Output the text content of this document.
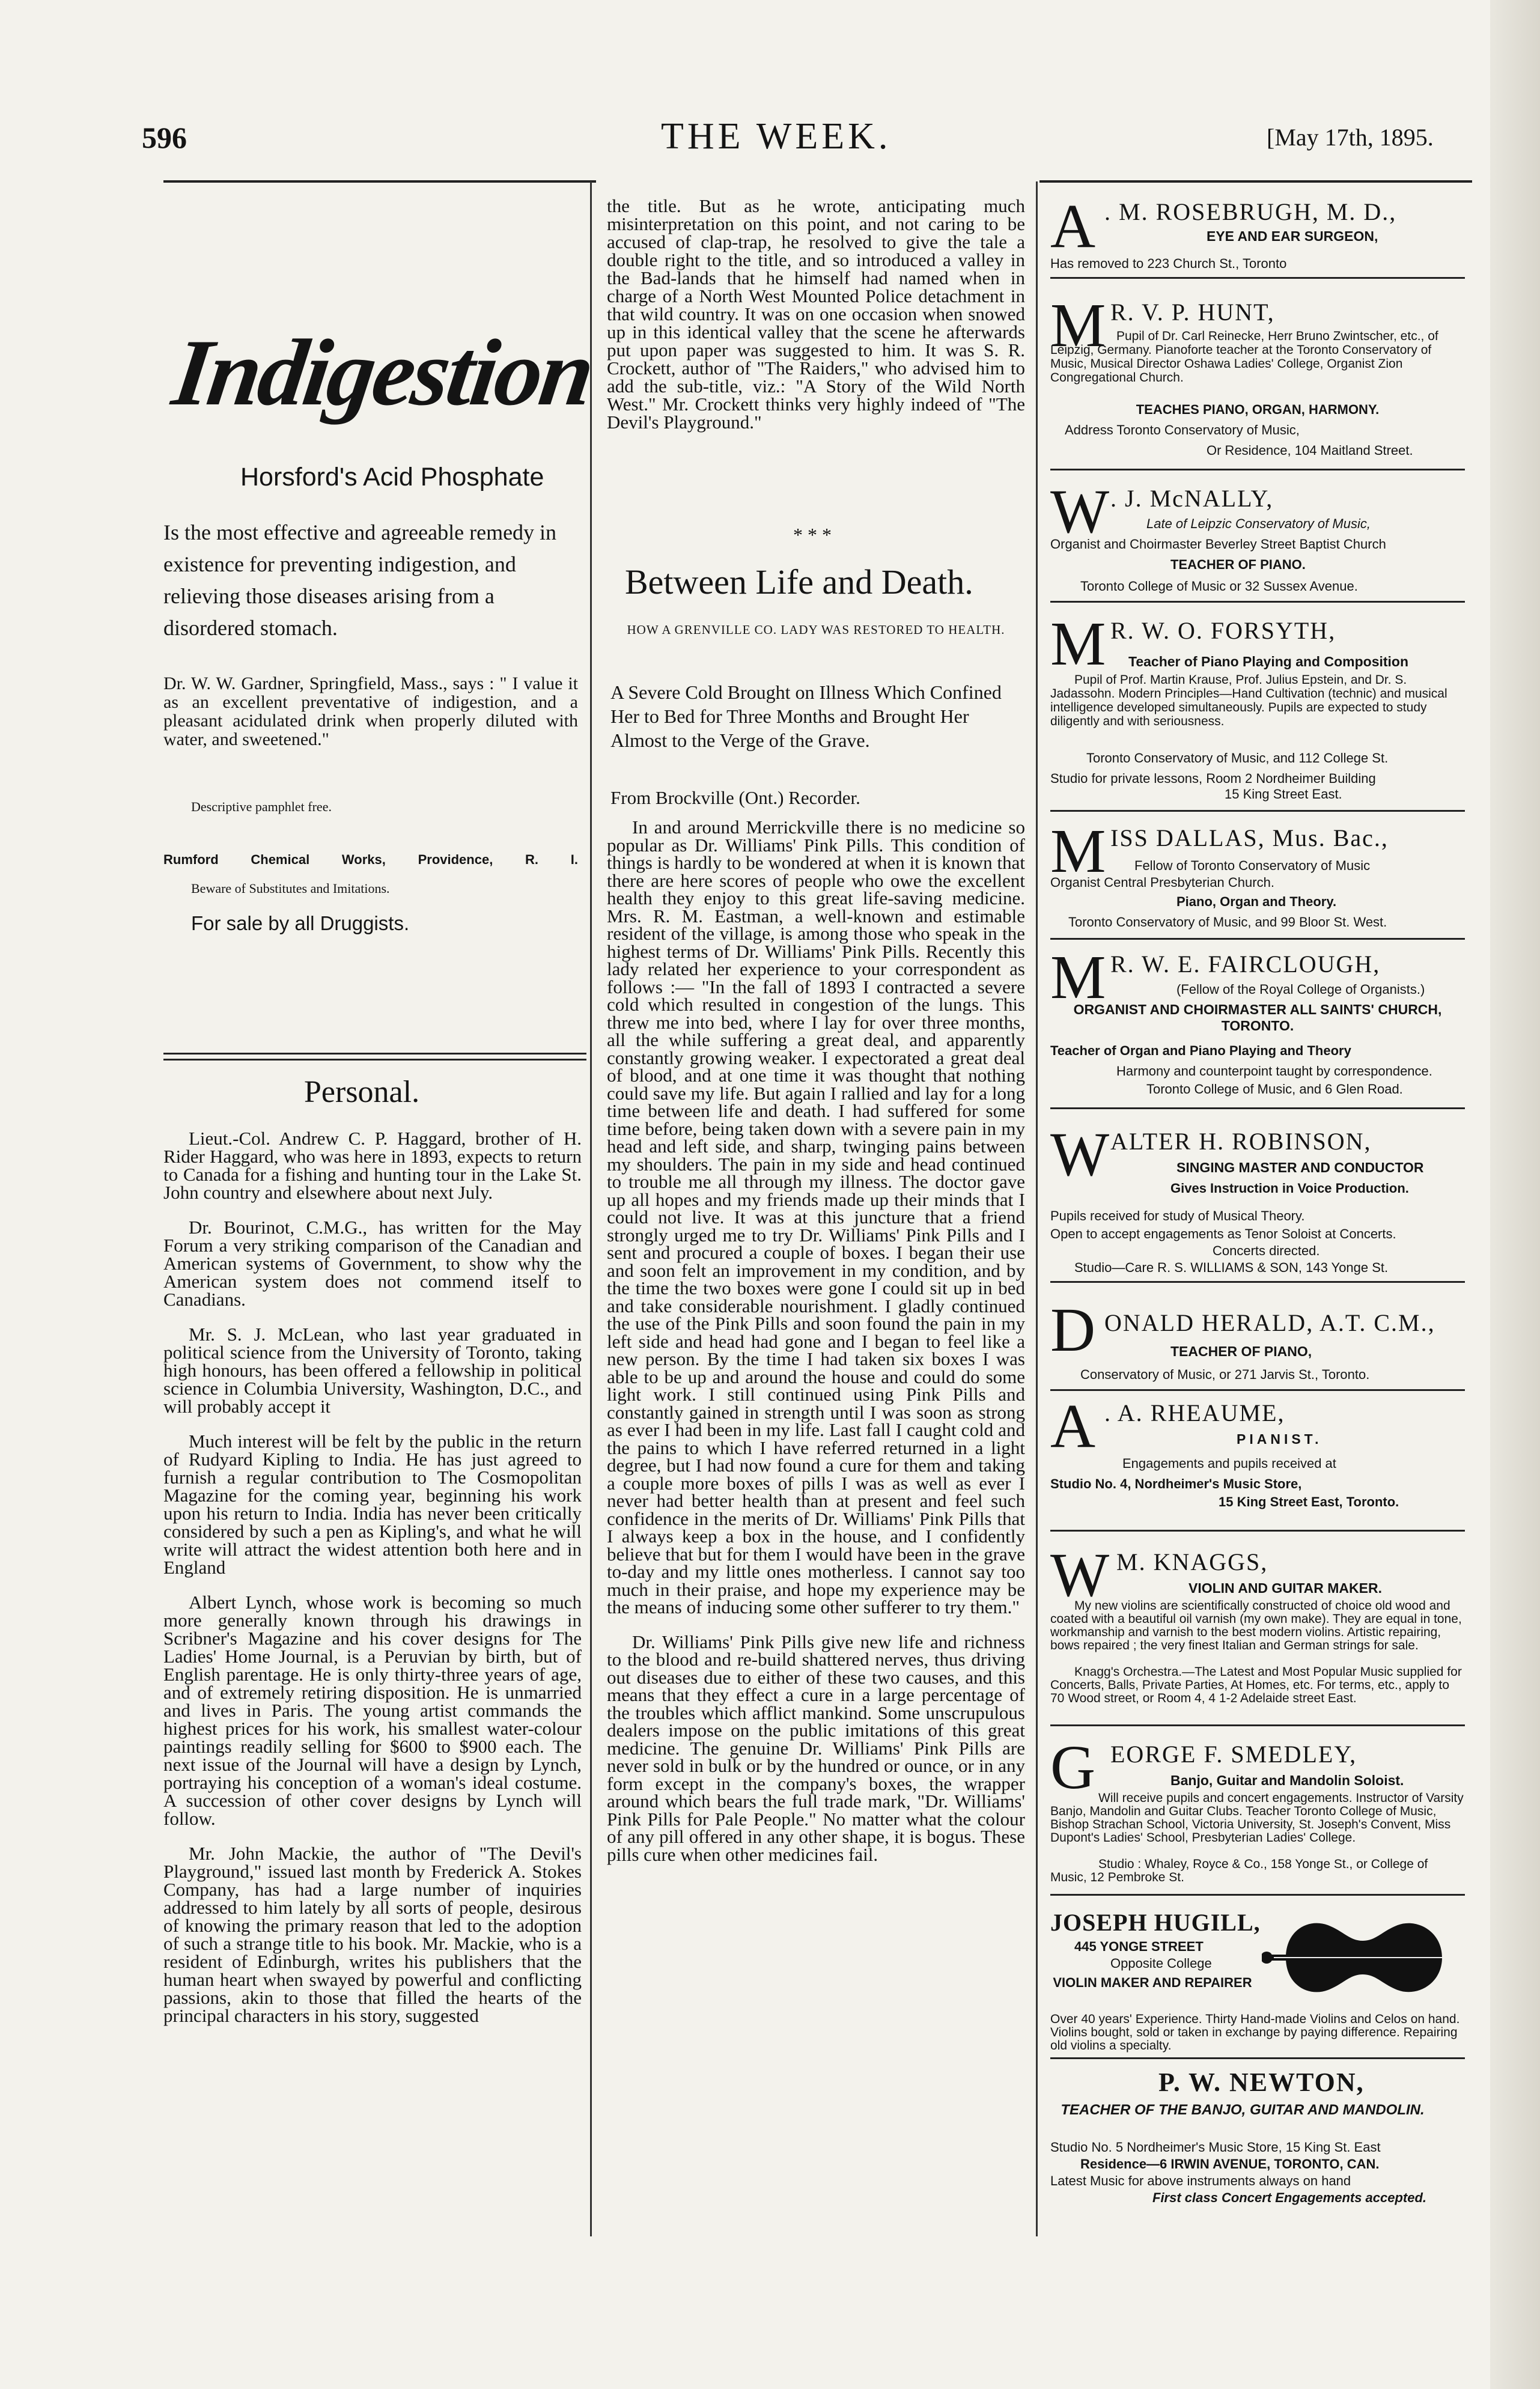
596	THE WEEK.	[May 17th, 1895.
Indigestion
Horsford's Acid Phosphate
Is the most effective and agreeable remedy in existence for preventing indigestion, and relieving those diseases arising from a disordered stomach.
Dr. W. W. Gardner, Springfield, Mass., says : " I value it as an excellent preventative of indigestion, and a pleasant acidulated drink when properly diluted with water, and sweetened."
Descriptive pamphlet free.
Rumford Chemical Works, Providence, R. I.
Beware of Substitutes and Imitations.
For sale by all Druggists.
Personal.

Lieut.-Col. Andrew C. P. Haggard, brother of H. Rider Haggard, who was here in 1893, expects to return to Canada for a fishing and hunting tour in the Lake St. John country and elsewhere about next July.

Dr. Bourinot, C.M.G., has written for the May Forum a very striking comparison of the Canadian and American systems of Government, to show why the American system does not commend itself to Canadians.

Mr. S. J. McLean, who last year graduated in political science from the University of Toronto, taking high honours, has been offered a fellowship in political science in Columbia University, Washington, D.C., and will probably accept it

Much interest will be felt by the public in the return of Rudyard Kipling to India. He has just agreed to furnish a regular contribution to The Cosmopolitan Magazine for the coming year, beginning his work upon his return to India. India has never been critically considered by such a pen as Kipling's, and what he will write will attract the widest attention both here and in England

Albert Lynch, whose work is becoming so much more generally known through his drawings in Scribner's Magazine and his cover designs for The Ladies' Home Journal, is a Peruvian by birth, but of English parentage. He is only thirty-three years of age, and of extremely retiring disposition. He is unmarried and lives in Paris. The young artist commands the highest prices for his work, his smallest water-colour paintings readily selling for $600 to $900 each. The next issue of the Journal will have a design by Lynch, portraying his conception of a woman's ideal costume. A succession of other cover designs by Lynch will follow.

Mr. John Mackie, the author of "The Devil's Playground," issued last month by Frederick A. Stokes Company, has had a large number of inquiries addressed to him lately by all sorts of people, desirous of knowing the primary reason that led to the adoption of such a strange title to his book. Mr. Mackie, who is a resident of Edinburgh, writes his publishers that the human heart when swayed by powerful and conflicting passions, akin to those that filled the hearts of the principal characters in his story, suggested

the title. But as he wrote, anticipating much misinterpretation on this point, and not caring to be accused of clap-trap, he resolved to give the tale a double right to the title, and so introduced a valley in the Bad-lands that he himself had named when in charge of a North West Mounted Police detachment in that wild country. It was on one occasion when snowed up in this identical valley that the scene he afterwards put upon paper was suggested to him. It was S. R. Crockett, author of "The Raiders," who advised him to add the sub-title, viz.: "A Story of the Wild North West." Mr. Crockett thinks very highly indeed of "The Devil's Playground."

* * *
Between Life and Death.
HOW A GRENVILLE CO. LADY WAS RESTORED TO HEALTH.
A Severe Cold Brought on Illness Which Confined Her to Bed for Three Months and Brought Her Almost to the Verge of the Grave.
From Brockville (Ont.) Recorder.

In and around Merrickville there is no medicine so popular as Dr. Williams' Pink Pills. This condition of things is hardly to be wondered at when it is known that there are here scores of people who owe the excellent health they enjoy to this great life-saving medicine. Mrs. R. M. Eastman, a well-known and estimable resident of the village, is among those who speak in the highest terms of Dr. Williams' Pink Pills. Recently this lady related her experience to your correspondent as follows :— "In the fall of 1893 I contracted a severe cold which resulted in congestion of the lungs. This threw me into bed, where I lay for over three months, all the while suffering a great deal, and apparently constantly growing weaker. I expectorated a great deal of blood, and at one time it was thought that nothing could save my life. But again I rallied and lay for a long time between life and death. I had suffered for some time before, being taken down with a severe pain in my head and left side, and sharp, twinging pains between my shoulders. The pain in my side and head continued to trouble me all through my illness. The doctor gave up all hopes and my friends made up their minds that I could not live. It was at this juncture that a friend strongly urged me to try Dr. Williams' Pink Pills and I sent and procured a couple of boxes. I began their use and soon felt an improvement in my condition, and by the time the two boxes were gone I could sit up in bed and take considerable nourishment. I gladly continued the use of the Pink Pills and soon found the pain in my left side and head had gone and I began to feel like a new person. By the time I had taken six boxes I was able to be up and around the house and could do some light work. I still continued using Pink Pills and constantly gained in strength until I was soon as strong as ever I had been in my life. Last fall I caught cold and the pains to which I have referred returned in a light degree, but I had now found a cure for them and taking a couple more boxes of pills I was as well as ever I never had better health than at present and feel such confidence in the merits of Dr. Williams' Pink Pills that I always keep a box in the house, and I confidently believe that but for them I would have been in the grave to-day and my little ones motherless. I cannot say too much in their praise, and hope my experience may be the means of inducing some other sufferer to try them."

Dr. Williams' Pink Pills give new life and richness to the blood and re-build shattered nerves, thus driving out diseases due to either of these two causes, and this means that they effect a cure in a large percentage of the troubles which afflict mankind. Some unscrupulous dealers impose on the public imitations of this great medicine. The genuine Dr. Williams' Pink Pills are never sold in bulk or by the hundred or ounce, or in any form except in the company's boxes, the wrapper around which bears the full trade mark, "Dr. Williams' Pink Pills for Pale People." No matter what the colour of any pill offered in any other shape, it is bogus. These pills cure when other medicines fail.

A . M. ROSEBRUGH, M. D.,
EYE AND EAR SURGEON,
Has removed to 223 Church St., Toronto
M R. V. P. HUNT,
Pupil of Dr. Carl Reinecke, Herr Bruno Zwintscher, etc., of Leipzig, Germany. Pianoforte teacher at the Toronto Conservatory of Music, Musical Director Oshawa Ladies' College, Organist Zion Congregational Church.
TEACHES PIANO, ORGAN, HARMONY.
Address Toronto Conservatory of Music,
Or Residence, 104 Maitland Street.
W . J. McNALLY,
Late of Leipzic Conservatory of Music,
Organist and Choirmaster Beverley Street Baptist Church
TEACHER OF PIANO.
Toronto College of Music or 32 Sussex Avenue.
M R. W. O. FORSYTH,
Teacher of Piano Playing and Composition
Pupil of Prof. Martin Krause, Prof. Julius Epstein, and Dr. S. Jadassohn. Modern Principles—Hand Cultivation (technic) and musical intelligence developed simultaneously. Pupils are expected to study diligently and with seriousness.
Toronto Conservatory of Music, and 112 College St.
Studio for private lessons, Room 2 Nordheimer Building
15 King Street East.
M ISS DALLAS, Mus. Bac.,
Fellow of Toronto Conservatory of Music
Organist Central Presbyterian Church.
Piano, Organ and Theory.
Toronto Conservatory of Music, and 99 Bloor St. West.
M R. W. E. FAIRCLOUGH,
(Fellow of the Royal College of Organists.)
ORGANIST AND CHOIRMASTER ALL SAINTS' CHURCH, TORONTO.
Teacher of Organ and Piano Playing and Theory
Harmony and counterpoint taught by correspondence.
Toronto College of Music, and 6 Glen Road.
W ALTER H. ROBINSON,
SINGING MASTER AND CONDUCTOR
Gives Instruction in Voice Production.
Pupils received for study of Musical Theory.
Open to accept engagements as Tenor Soloist at Concerts.
Concerts directed.
Studio—Care R. S. WILLIAMS & SON, 143 Yonge St.
D ONALD HERALD, A.T. C.M.,
TEACHER OF PIANO,
Conservatory of Music, or 271 Jarvis St., Toronto.
A . A. RHEAUME,
PIANIST.
Engagements and pupils received at
Studio No. 4, Nordheimer's Music Store,
15 King Street East, Toronto.
W M. KNAGGS,
VIOLIN AND GUITAR MAKER.
My new violins are scientifically constructed of choice old wood and coated with a beautiful oil varnish (my own make). They are equal in tone, workmanship and varnish to the best modern violins. Artistic repairing, bows repaired ; the very finest Italian and German strings for sale.
Knagg's Orchestra.—The Latest and Most Popular Music supplied for Concerts, Balls, Private Parties, At Homes, etc. For terms, etc., apply to 70 Wood street, or Room 4, 4 1-2 Adelaide street East.
G EORGE F. SMEDLEY,
Banjo, Guitar and Mandolin Soloist.
Will receive pupils and concert engagements. Instructor of Varsity Banjo, Mandolin and Guitar Clubs. Teacher Toronto College of Music, Bishop Strachan School, Victoria University, St. Joseph's Convent, Miss Dupont's Ladies' School, Presbyterian Ladies' College.
Studio : Whaley, Royce & Co., 158 Yonge St., or College of Music, 12 Pembroke St.
JOSEPH HUGILL,
445 YONGE STREET
Opposite College
VIOLIN MAKER AND REPAIRER
Over 40 years' Experience. Thirty Hand-made Violins and Celos on hand. Violins bought, sold or taken in exchange by paying difference. Repairing old violins a specialty.
P. W. NEWTON,
TEACHER OF THE BANJO, GUITAR AND MANDOLIN.
Studio No. 5 Nordheimer's Music Store, 15 King St. East
Residence—6 IRWIN AVENUE, TORONTO, CAN.
Latest Music for above instruments always on hand
First class Concert Engagements accepted.
